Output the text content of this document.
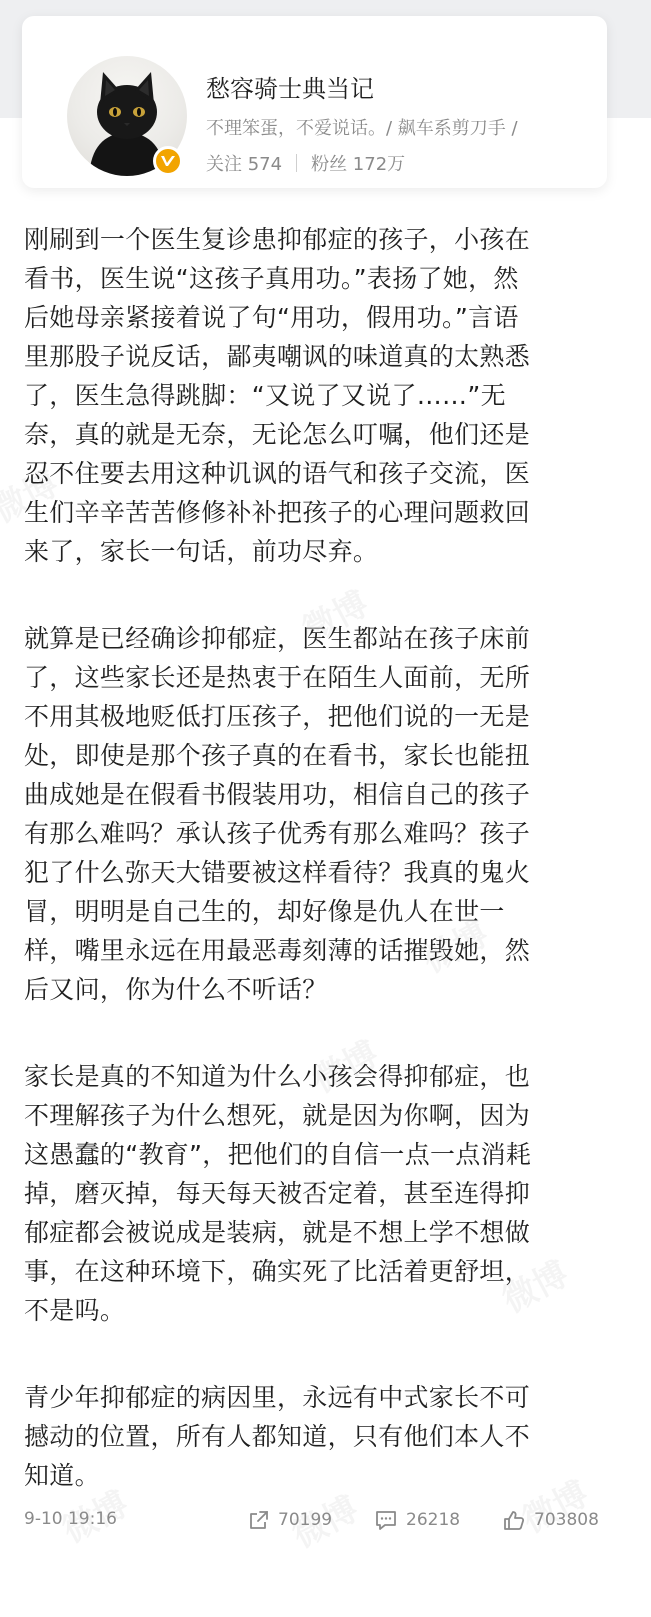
愁容骑士典当记
不理笨蛋，不爱说话。/ 飙车系剪刀手 /
关注 574 粉丝 172万

刚刷到一个医生复诊患抑郁症的孩子，小孩在
看书，医生说“这孩子真用功。”表扬了她，然
后她母亲紧接着说了句“用功，假用功。”言语
里那股子说反话，鄙夷嘲讽的味道真的太熟悉
了，医生急得跳脚：“又说了又说了……”无
奈，真的就是无奈，无论怎么叮嘱，他们还是
忍不住要去用这种讥讽的语气和孩子交流，医
生们辛辛苦苦修修补补把孩子的心理问题救回
来了，家长一句话，前功尽弃。

就算是已经确诊抑郁症，医生都站在孩子床前
了，这些家长还是热衷于在陌生人面前，无所
不用其极地贬低打压孩子，把他们说的一无是
处，即使是那个孩子真的在看书，家长也能扭
曲成她是在假看书假装用功，相信自己的孩子
有那么难吗？承认孩子优秀有那么难吗？孩子
犯了什么弥天大错要被这样看待？我真的鬼火
冒，明明是自己生的，却好像是仇人在世一
样，嘴里永远在用最恶毒刻薄的话摧毁她，然
后又问，你为什么不听话？

家长是真的不知道为什么小孩会得抑郁症，也
不理解孩子为什么想死，就是因为你啊，因为
这愚蠢的“教育”，把他们的自信一点一点消耗
掉，磨灭掉，每天每天被否定着，甚至连得抑
郁症都会被说成是装病，就是不想上学不想做
事，在这种环境下，确实死了比活着更舒坦，
不是吗。

青少年抑郁症的病因里，永远有中式家长不可
撼动的位置，所有人都知道，只有他们本人不
知道。

9-10 19:16	70199	26218	703808
